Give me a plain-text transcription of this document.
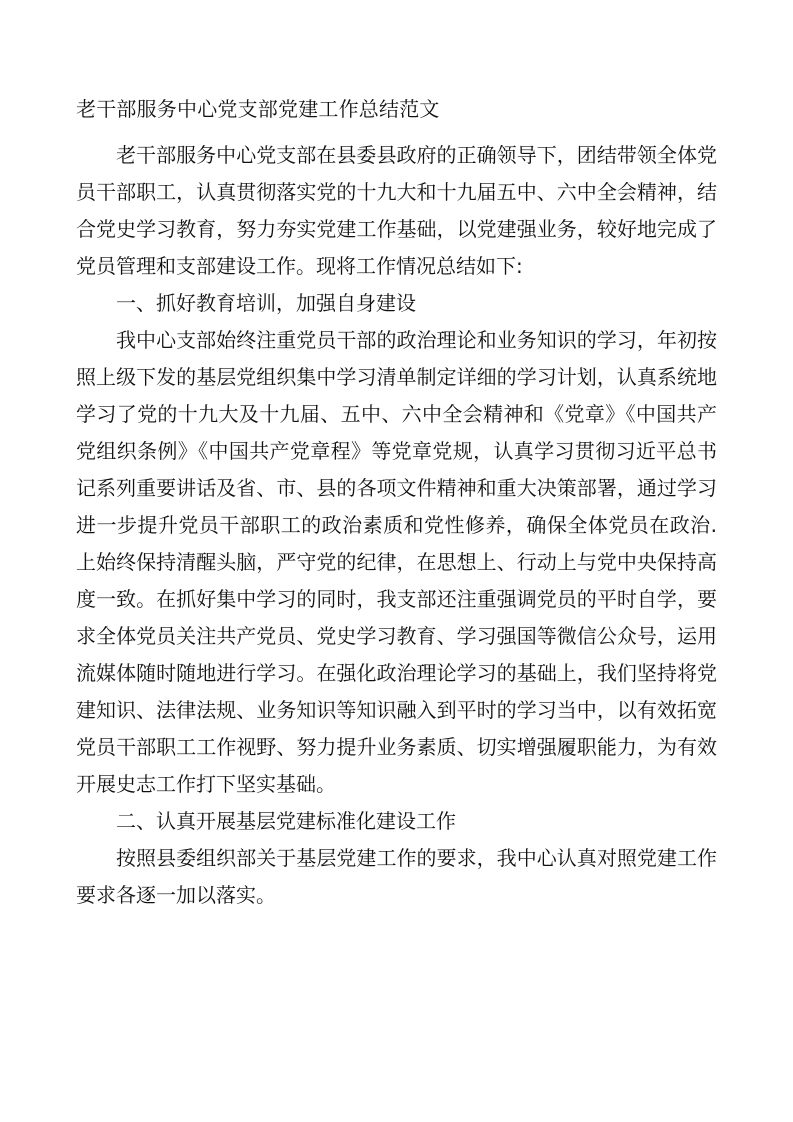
老干部服务中心党支部党建工作总结范文

老干部服务中心党支部在县委县政府的正确领导下，团结带领全体党员干部职工，认真贯彻落实党的十九大和十九届五中、六中全会精神，结合党史学习教育，努力夯实党建工作基础，以党建强业务，较好地完成了党员管理和支部建设工作。现将工作情况总结如下:

一、抓好教育培训，加强自身建设

我中心支部始终注重党员干部的政治理论和业务知识的学习，年初按照上级下发的基层党组织集中学习清单制定详细的学习计划，认真系统地学习了党的十九大及十九届、五中、六中全会精神和《党章》《中国共产党组织条例》《中国共产党章程》等党章党规，认真学习贯彻习近平总书记系列重要讲话及省、市、县的各项文件精神和重大决策部署，通过学习进一步提升党员干部职工的政治素质和党性修养，确保全体党员在政治.上始终保持清醒头脑，严守党的纪律，在思想上、行动上与党中央保持高度一致。在抓好集中学习的同时，我支部还注重强调党员的平时自学，要求全体党员关注共产党员、党史学习教育、学习强国等微信公众号，运用流媒体随时随地进行学习。在强化政治理论学习的基础上，我们坚持将党建知识、法律法规、业务知识等知识融入到平时的学习当中，以有效拓宽党员干部职工工作视野、努力提升业务素质、切实增强履职能力，为有效开展史志工作打下坚实基础。

二、认真开展基层党建标准化建设工作

按照县委组织部关于基层党建工作的要求，我中心认真对照党建工作要求各逐一加以落实。
